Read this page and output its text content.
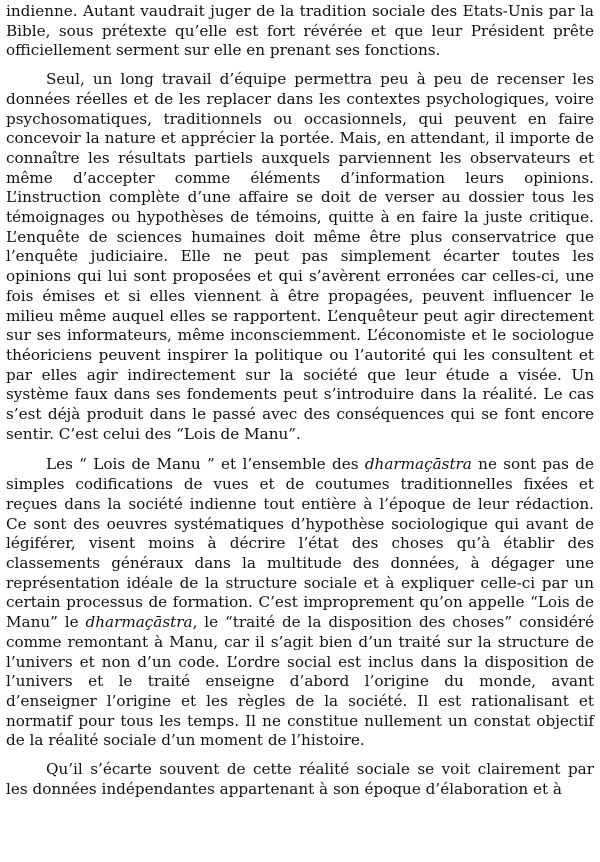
indienne. Autant vaudrait juger de la tradition sociale des Etats-Unis par la Bible, sous prétexte qu’elle est fort révérée et que leur Président prête officiellement serment sur elle en prenant ses fonctions.

Seul, un long travail d’équipe permettra peu à peu de recenser les données réelles et de les replacer dans les contextes psychologiques, voire psychosomatiques, traditionnels ou occasionnels, qui peuvent en faire concevoir la nature et apprécier la portée. Mais, en attendant, il importe de connaître les résultats partiels auxquels parviennent les observateurs et même d’accepter comme éléments d’information leurs opinions. L’instruction complète d’une affaire se doit de verser au dossier tous les témoignages ou hypothèses de témoins, quitte à en faire la juste critique. L’enquête de sciences humaines doit même être plus conservatrice que l’enquête judiciaire. Elle ne peut pas simplement écarter toutes les opinions qui lui sont proposées et qui s’avèrent erronées car celles-ci, une fois émises et si elles viennent à être propagées, peuvent influencer le milieu même auquel elles se rapportent. L’enquêteur peut agir directement sur ses informateurs, même inconsciemment. L’économiste et le sociologue théoriciens peuvent inspirer la politique ou l’autorité qui les consultent et par elles agir indirectement sur la société que leur étude a visée. Un système faux dans ses fondements peut s’introduire dans la réalité. Le cas s’est déjà produit dans le passé avec des conséquences qui se font encore sentir. C’est celui des “Lois de Manu”.

Les “ Lois de Manu ” et l’ensemble des dharmaçāstra ne sont pas de simples codifications de vues et de coutumes traditionnelles fixées et reçues dans la société indienne tout entière à l’époque de leur rédaction. Ce sont des oeuvres systématiques d’hypothèse sociologique qui avant de légiférer, visent moins à décrire l’état des choses qu’à établir des classements généraux dans la multitude des données, à dégager une représentation idéale de la structure sociale et à expliquer celle-ci par un certain processus de formation. C’est improprement qu’on appelle “Lois de Manu” le dharmaçāstra, le “traité de la disposition des choses” considéré comme remontant à Manu, car il s’agit bien d’un traité sur la structure de l’univers et non d’un code. L’ordre social est inclus dans la disposition de l’univers et le traité enseigne d’abord l’origine du monde, avant d’enseigner l’origine et les règles de la société. Il est rationalisant et normatif pour tous les temps. Il ne constitue nullement un constat objectif de la réalité sociale d’un moment de l’histoire.

Qu’il s’écarte souvent de cette réalité sociale se voit clairement par les données indépendantes appartenant à son époque d’élaboration et à
